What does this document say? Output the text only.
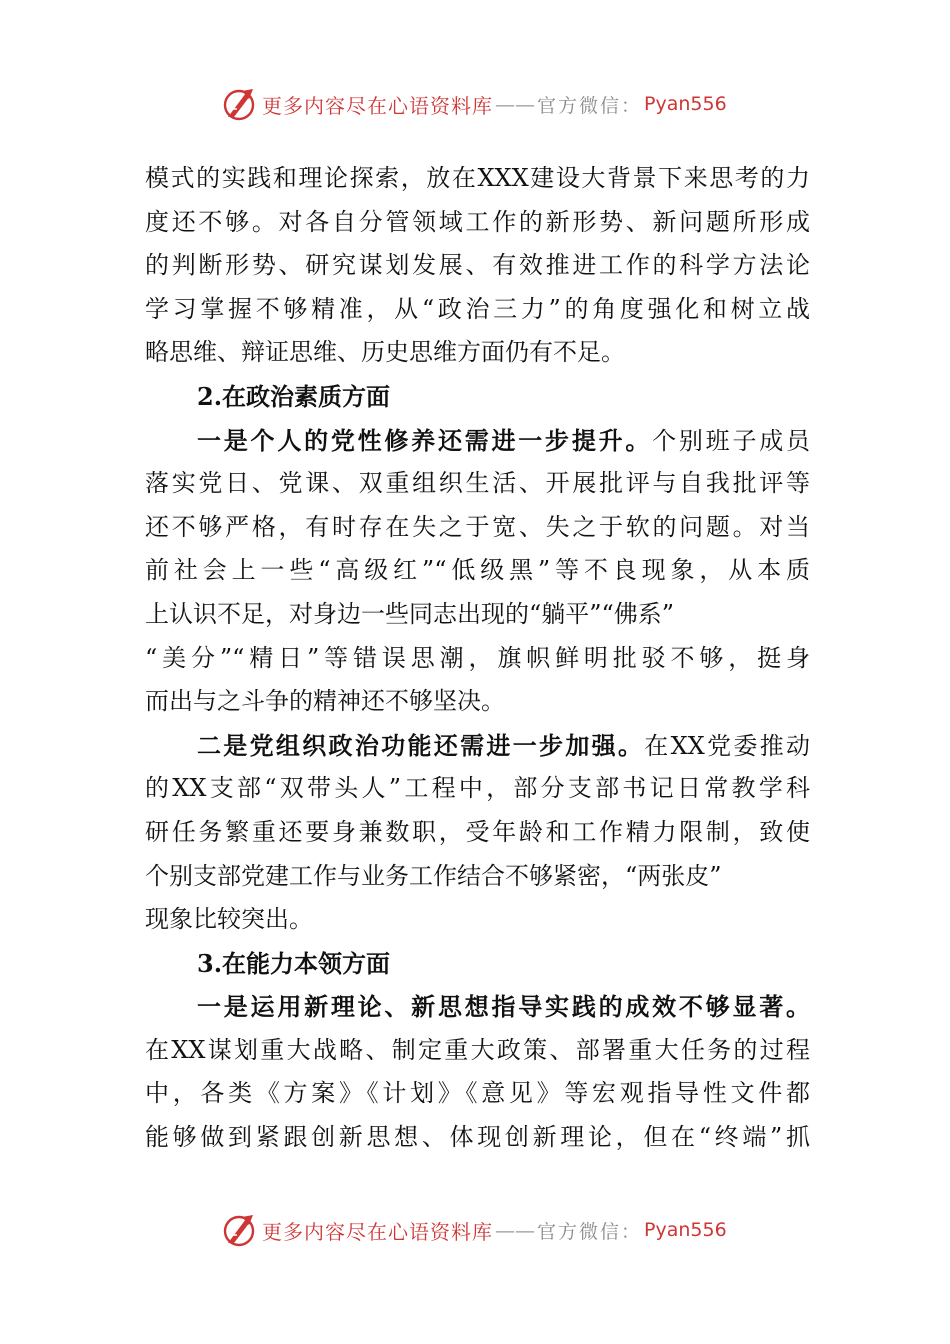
更多内容尽在心语资料库 —— 官方微信： Pyan556
模式的实践和理论探索，放在XXX建设大背景下来思考的力
度还不够。对各自分管领域工作的新形势、新问题所形成
的判断形势、研究谋划发展、有效推进工作的科学方法论
学习掌握不够精准，从“政治三力”的角度强化和树立战
略思维、辩证思维、历史思维方面仍有不足。
2.在政治素质方面
一是个人的党性修养还需进一步提升。个别班子成员
落实党日、党课、双重组织生活、开展批评与自我批评等
还不够严格，有时存在失之于宽、失之于软的问题。对当
前社会上一些“高级红”“低级黑”等不良现象，从本质
上认识不足，对身边一些同志出现的“躺平”“佛系”
“美分”“精日”等错误思潮，旗帜鲜明批驳不够，挺身
而出与之斗争的精神还不够坚决。
二是党组织政治功能还需进一步加强。在XX党委推动
的XX支部“双带头人”工程中，部分支部书记日常教学科
研任务繁重还要身兼数职，受年龄和工作精力限制，致使
个别支部党建工作与业务工作结合不够紧密，“两张皮”
现象比较突出。
3.在能力本领方面
一是运用新理论、新思想指导实践的成效不够显著。
在XX谋划重大战略、制定重大政策、部署重大任务的过程
中，各类《方案》《计划》《意见》等宏观指导性文件都
能够做到紧跟创新思想、体现创新理论，但在“终端”抓
更多内容尽在心语资料库 —— 官方微信： Pyan556
